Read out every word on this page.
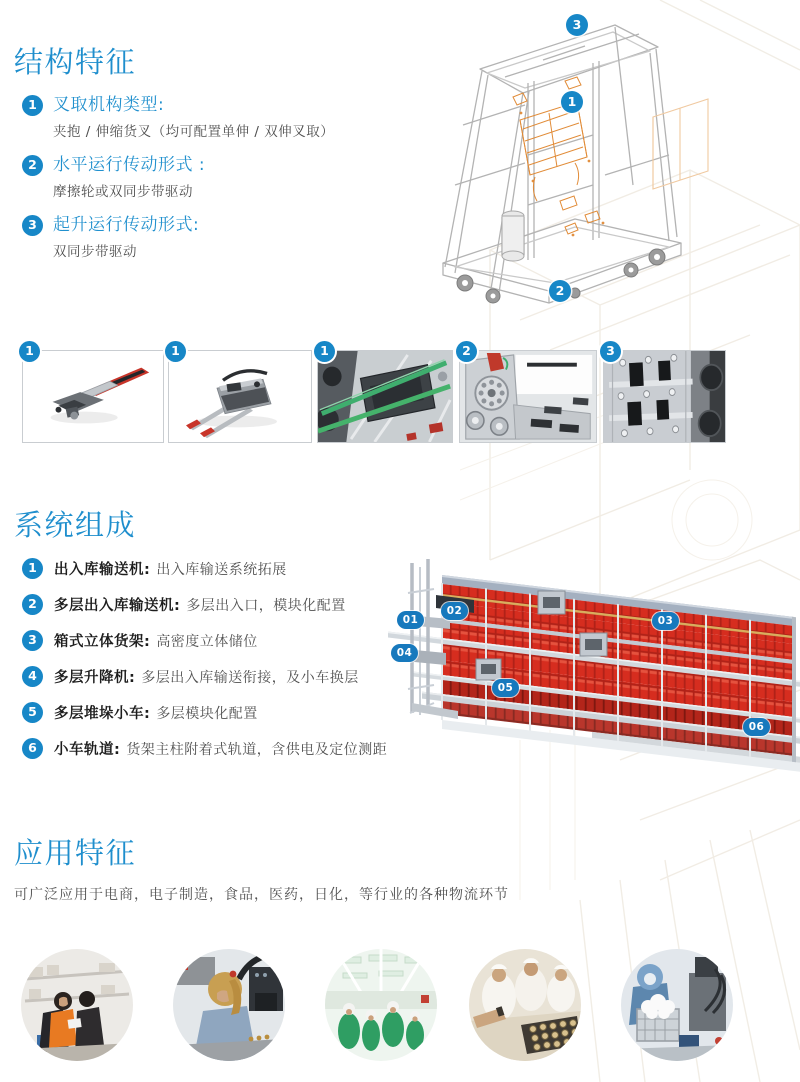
结构特征
1 叉取机构类型:
夹抱 / 伸缩货叉（均可配置单伸 / 双伸叉取）
2 水平运行传动形式 :
摩擦轮或双同步带驱动
3 起升运行传动形式:
双同步带驱动
3
1
2
1	1	1	2	3
系统组成
1	出入库输送机: 出入库输送系统拓展
2	多层出入库输送机: 多层出入口，模块化配置
3	箱式立体货架: 高密度立体储位
4	多层升降机: 多层出入库输送衔接，及小车换层
5	多层堆垛小车: 多层模块化配置
6	小车轨道: 货架主柱附着式轨道，含供电及定位测距
01
02
03
04
05
06
应用特征
可广泛应用于电商，电子制造，食品，医药，日化，等行业的各种物流环节
